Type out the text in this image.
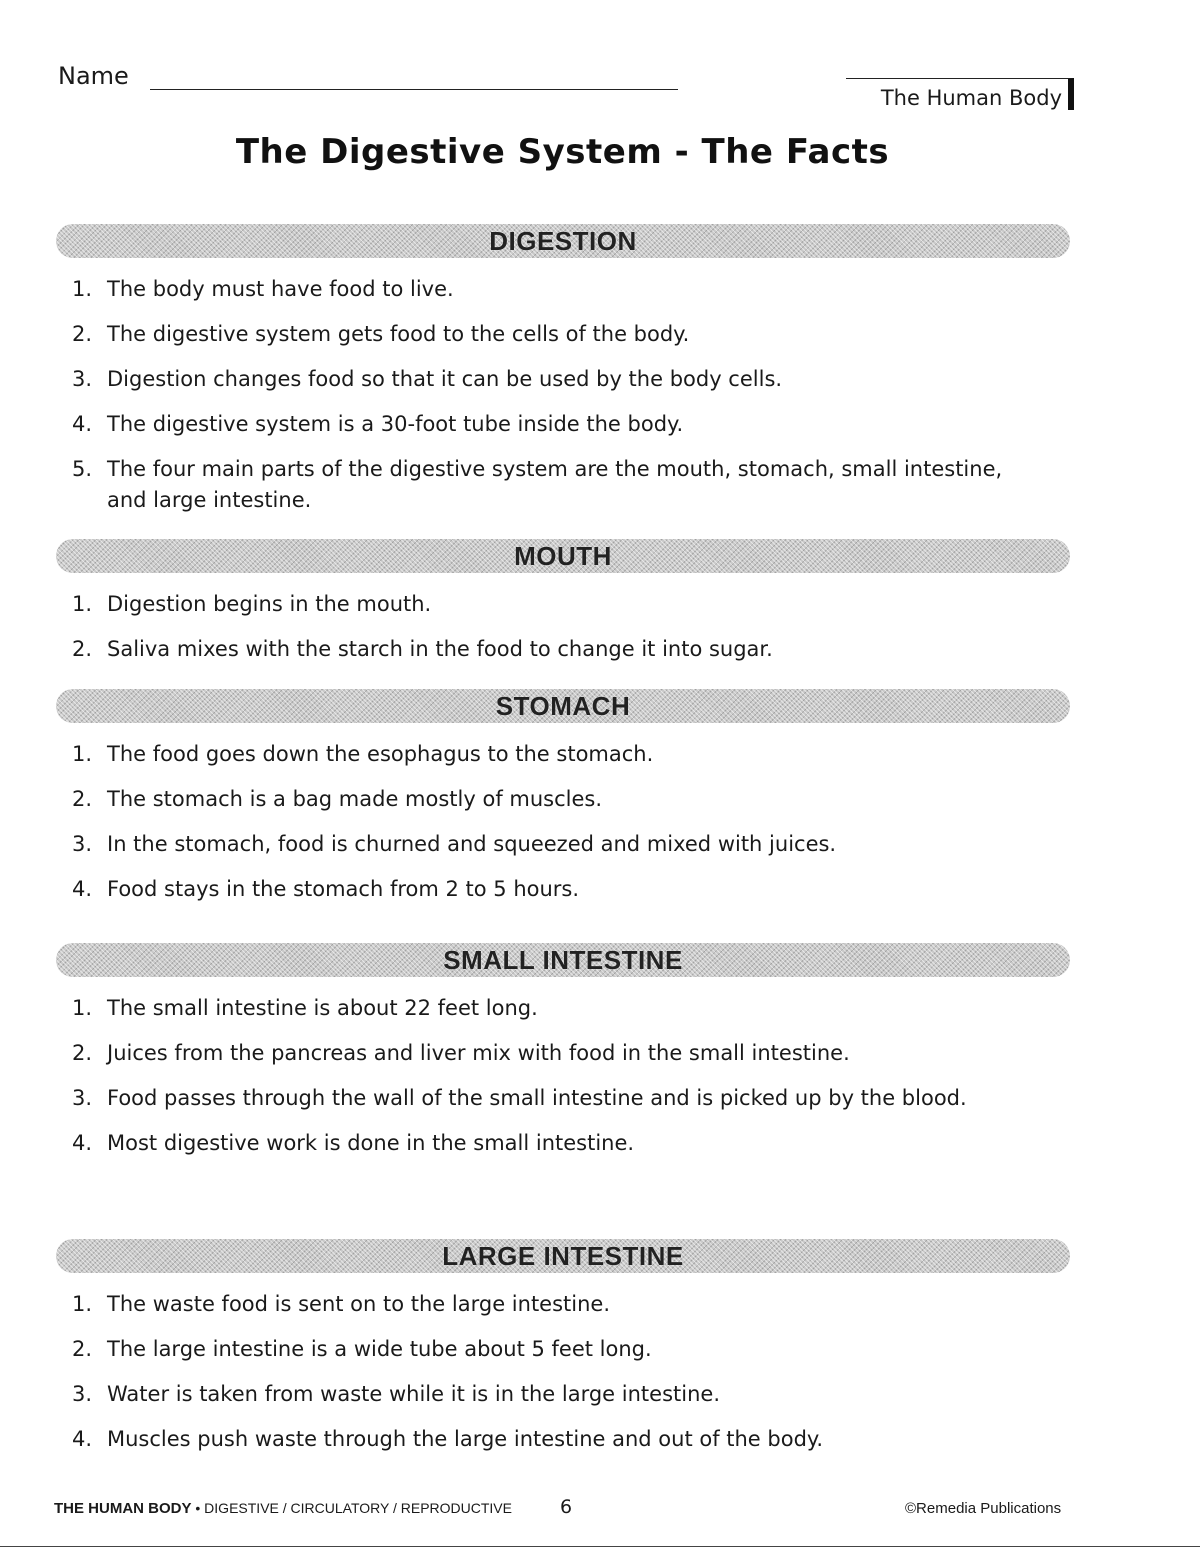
Name
The Human Body
The Digestive System - The Facts
DIGESTION
1. The body must have food to live.
2. The digestive system gets food to the cells of the body.
3. Digestion changes food so that it can be used by the body cells.
4. The digestive system is a 30-foot tube inside the body.
5. The four main parts of the digestive system are the mouth, stomach, small intestine, and large intestine.
MOUTH
1. Digestion begins in the mouth.
2. Saliva mixes with the starch in the food to change it into sugar.
STOMACH
1. The food goes down the esophagus to the stomach.
2. The stomach is a bag made mostly of muscles.
3. In the stomach, food is churned and squeezed and mixed with juices.
4. Food stays in the stomach from 2 to 5 hours.
SMALL INTESTINE
1. The small intestine is about 22 feet long.
2. Juices from the pancreas and liver mix with food in the small intestine.
3. Food passes through the wall of the small intestine and is picked up by the blood.
4. Most digestive work is done in the small intestine.
LARGE INTESTINE
1. The waste food is sent on to the large intestine.
2. The large intestine is a wide tube about 5 feet long.
3. Water is taken from waste while it is in the large intestine.
4. Muscles push waste through the large intestine and out of the body.
THE HUMAN BODY • DIGESTIVE / CIRCULATORY / REPRODUCTIVE	6	©Remedia Publications
